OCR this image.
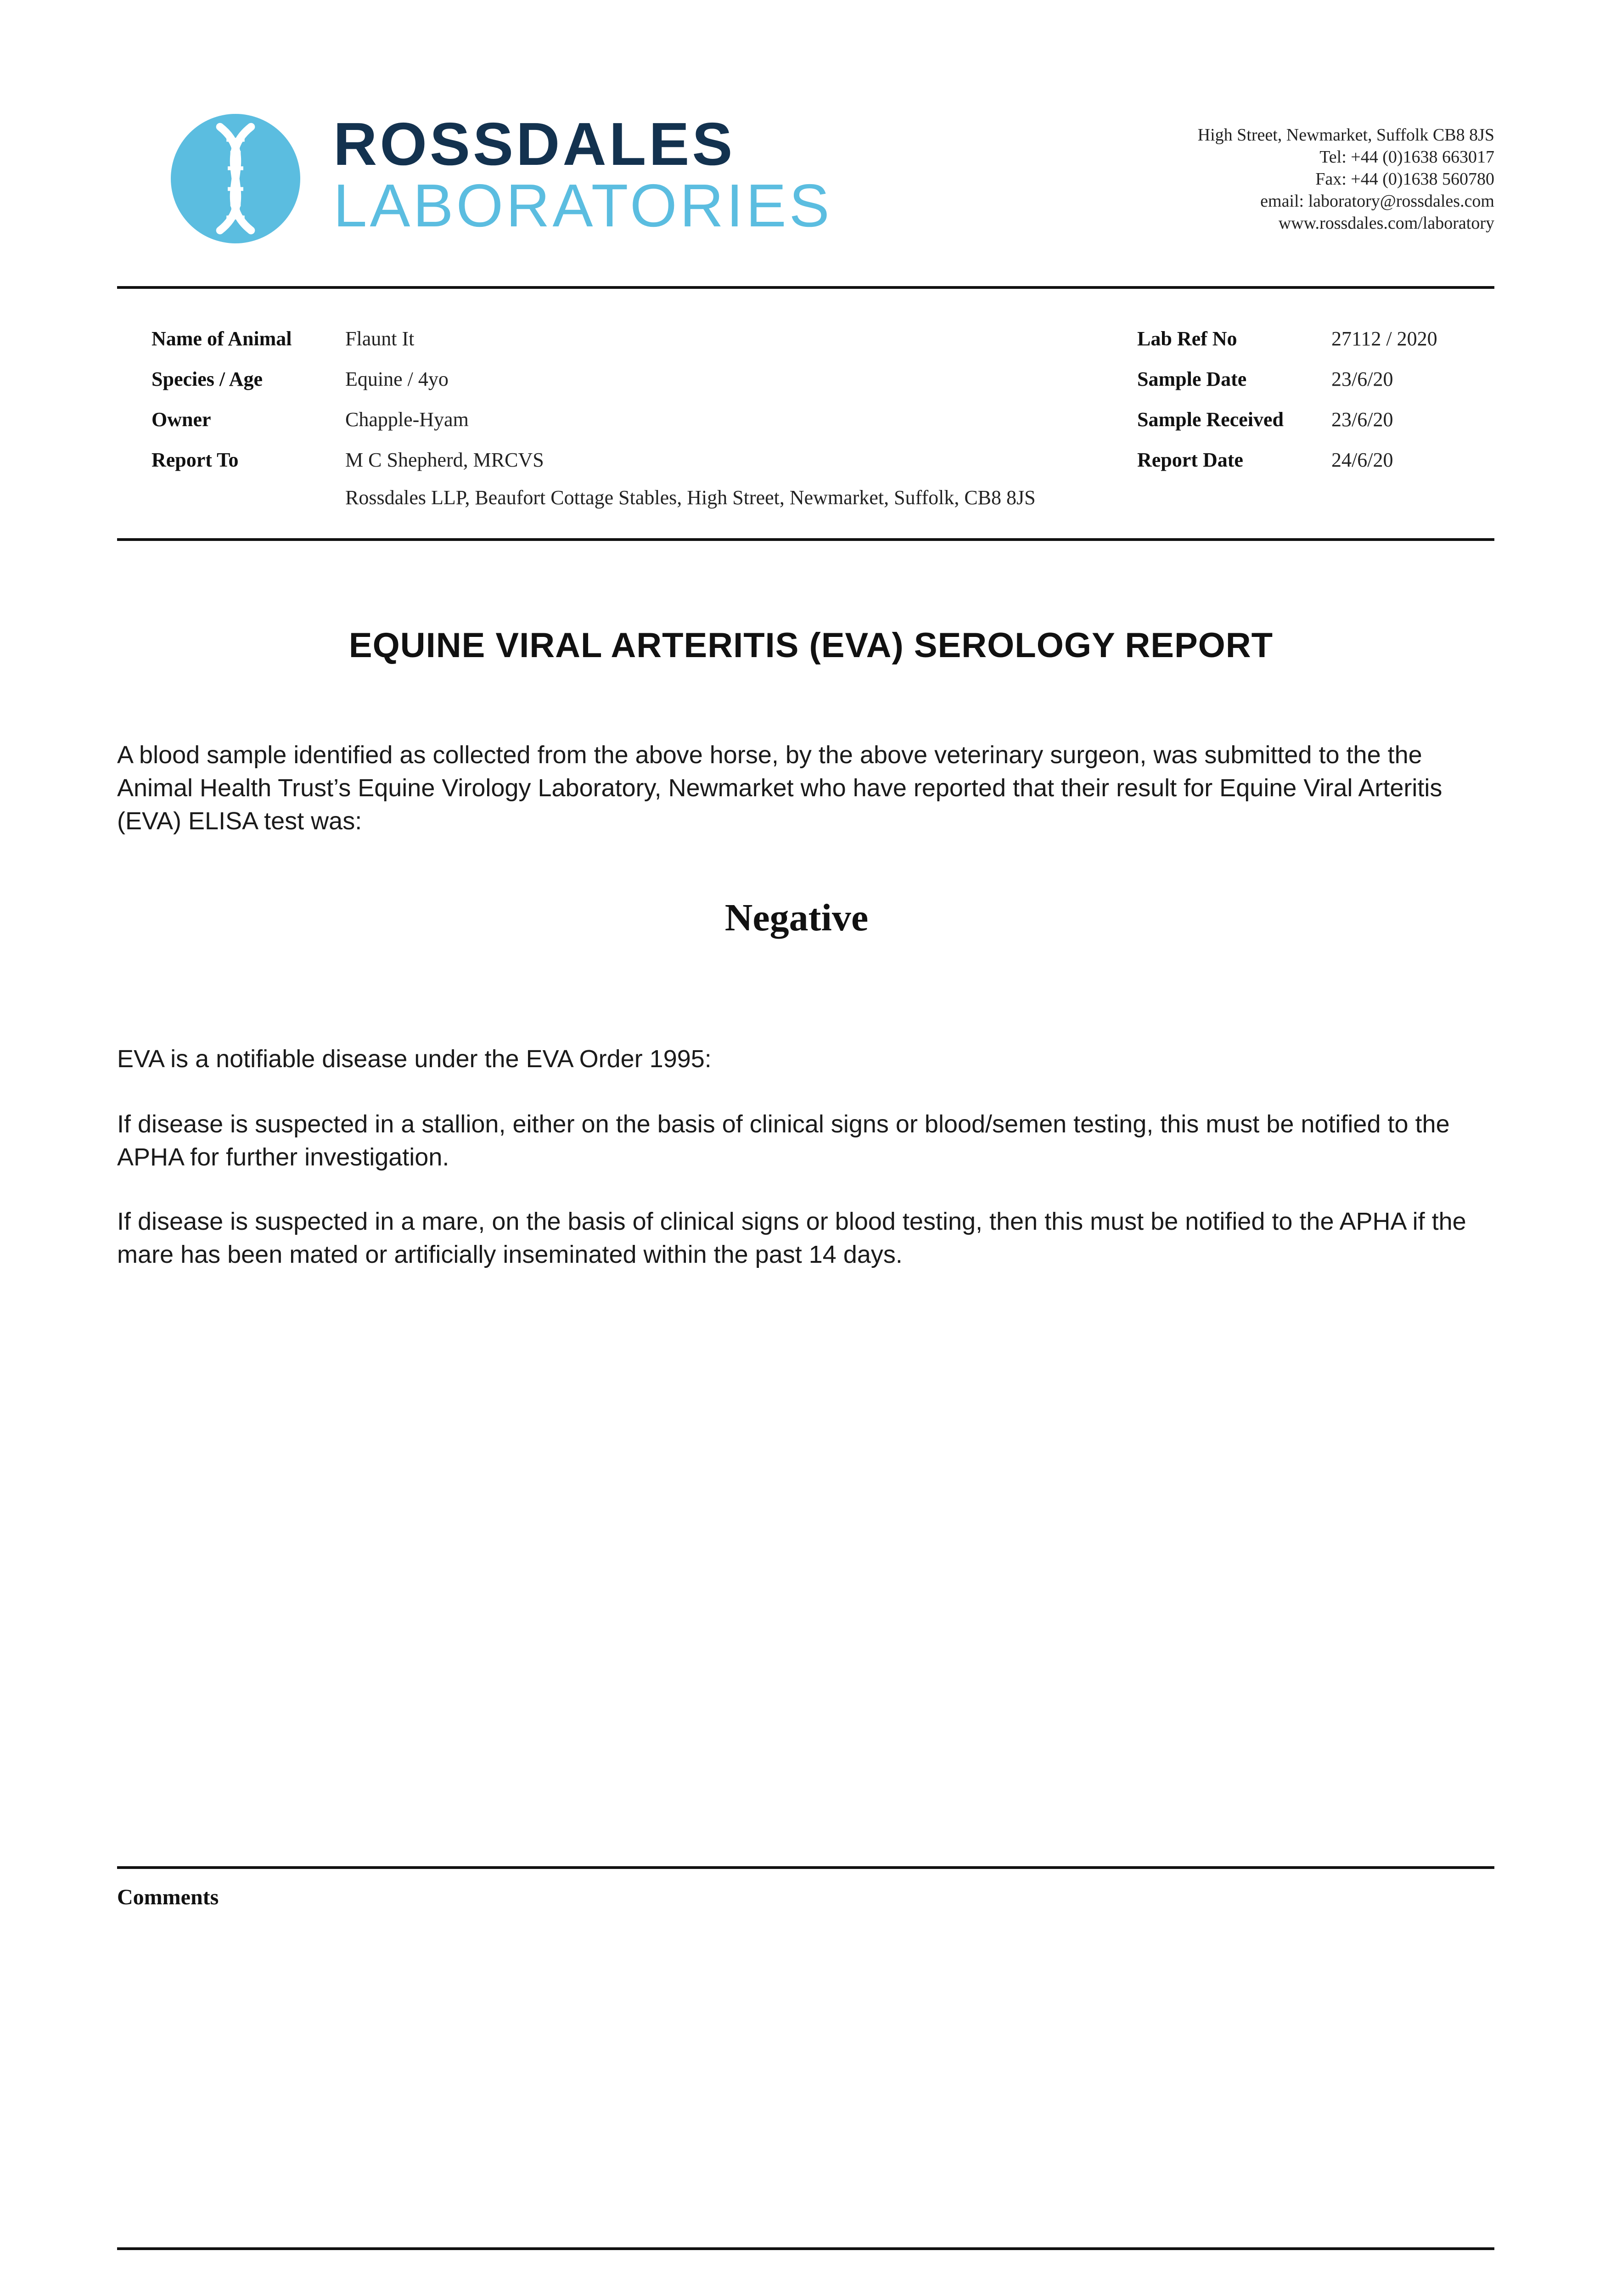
ROSSDALES
LABORATORIES
High Street, Newmarket, Suffolk CB8 8JS
Tel: +44 (0)1638 663017
Fax: +44 (0)1638 560780
email: laboratory@rossdales.com
www.rossdales.com/laboratory
Name of Animal	Flaunt It
Species / Age	Equine / 4yo
Owner	Chapple-Hyam
Report To	M C Shepherd, MRCVS
Rossdales LLP, Beaufort Cottage Stables, High Street, Newmarket, Suffolk, CB8 8JS
Lab Ref No	27112 / 2020
Sample Date	23/6/20
Sample Received 23/6/20
Report Date	24/6/20
EQUINE VIRAL ARTERITIS (EVA) SEROLOGY REPORT
A blood sample identified as collected from the above horse, by the above veterinary surgeon, was submitted to the the Animal Health Trust’s Equine Virology Laboratory, Newmarket who have reported that their result for Equine Viral Arteritis (EVA) ELISA test was:
Negative
EVA is a notifiable disease under the EVA Order 1995:
If disease is suspected in a stallion, either on the basis of clinical signs or blood/semen testing, this must be notified to the APHA for further investigation.
If disease is suspected in a mare, on the basis of clinical signs or blood testing, then this must be notified to the APHA if the mare has been mated or artificially inseminated within the past 14 days.
Comments
